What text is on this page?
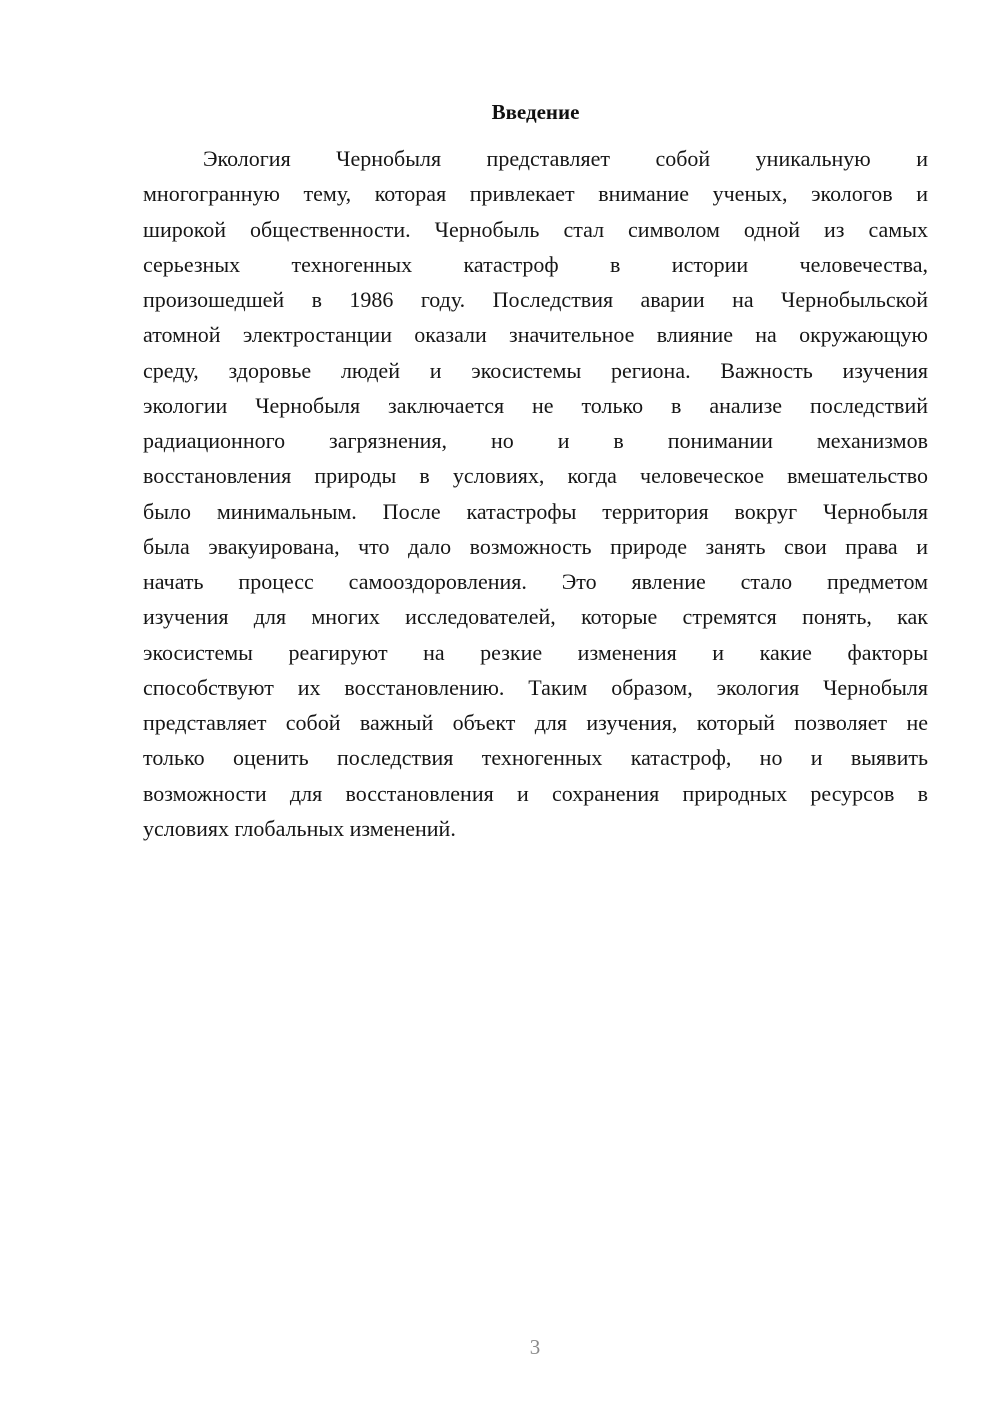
Введение
Экология Чернобыля представляет собой уникальную и
многогранную тему, которая привлекает внимание ученых, экологов и
широкой общественности. Чернобыль стал символом одной из самых
серьезных техногенных катастроф в истории человечества,
произошедшей в 1986 году. Последствия аварии на Чернобыльской
атомной электростанции оказали значительное влияние на окружающую
среду, здоровье людей и экосистемы региона. Важность изучения
экологии Чернобыля заключается не только в анализе последствий
радиационного загрязнения, но и в понимании механизмов
восстановления природы в условиях, когда человеческое вмешательство
было минимальным. После катастрофы территория вокруг Чернобыля
была эвакуирована, что дало возможность природе занять свои права и
начать процесс самооздоровления. Это явление стало предметом
изучения для многих исследователей, которые стремятся понять, как
экосистемы реагируют на резкие изменения и какие факторы
способствуют их восстановлению. Таким образом, экология Чернобыля
представляет собой важный объект для изучения, который позволяет не
только оценить последствия техногенных катастроф, но и выявить
возможности для восстановления и сохранения природных ресурсов в
условиях глобальных изменений.
3
